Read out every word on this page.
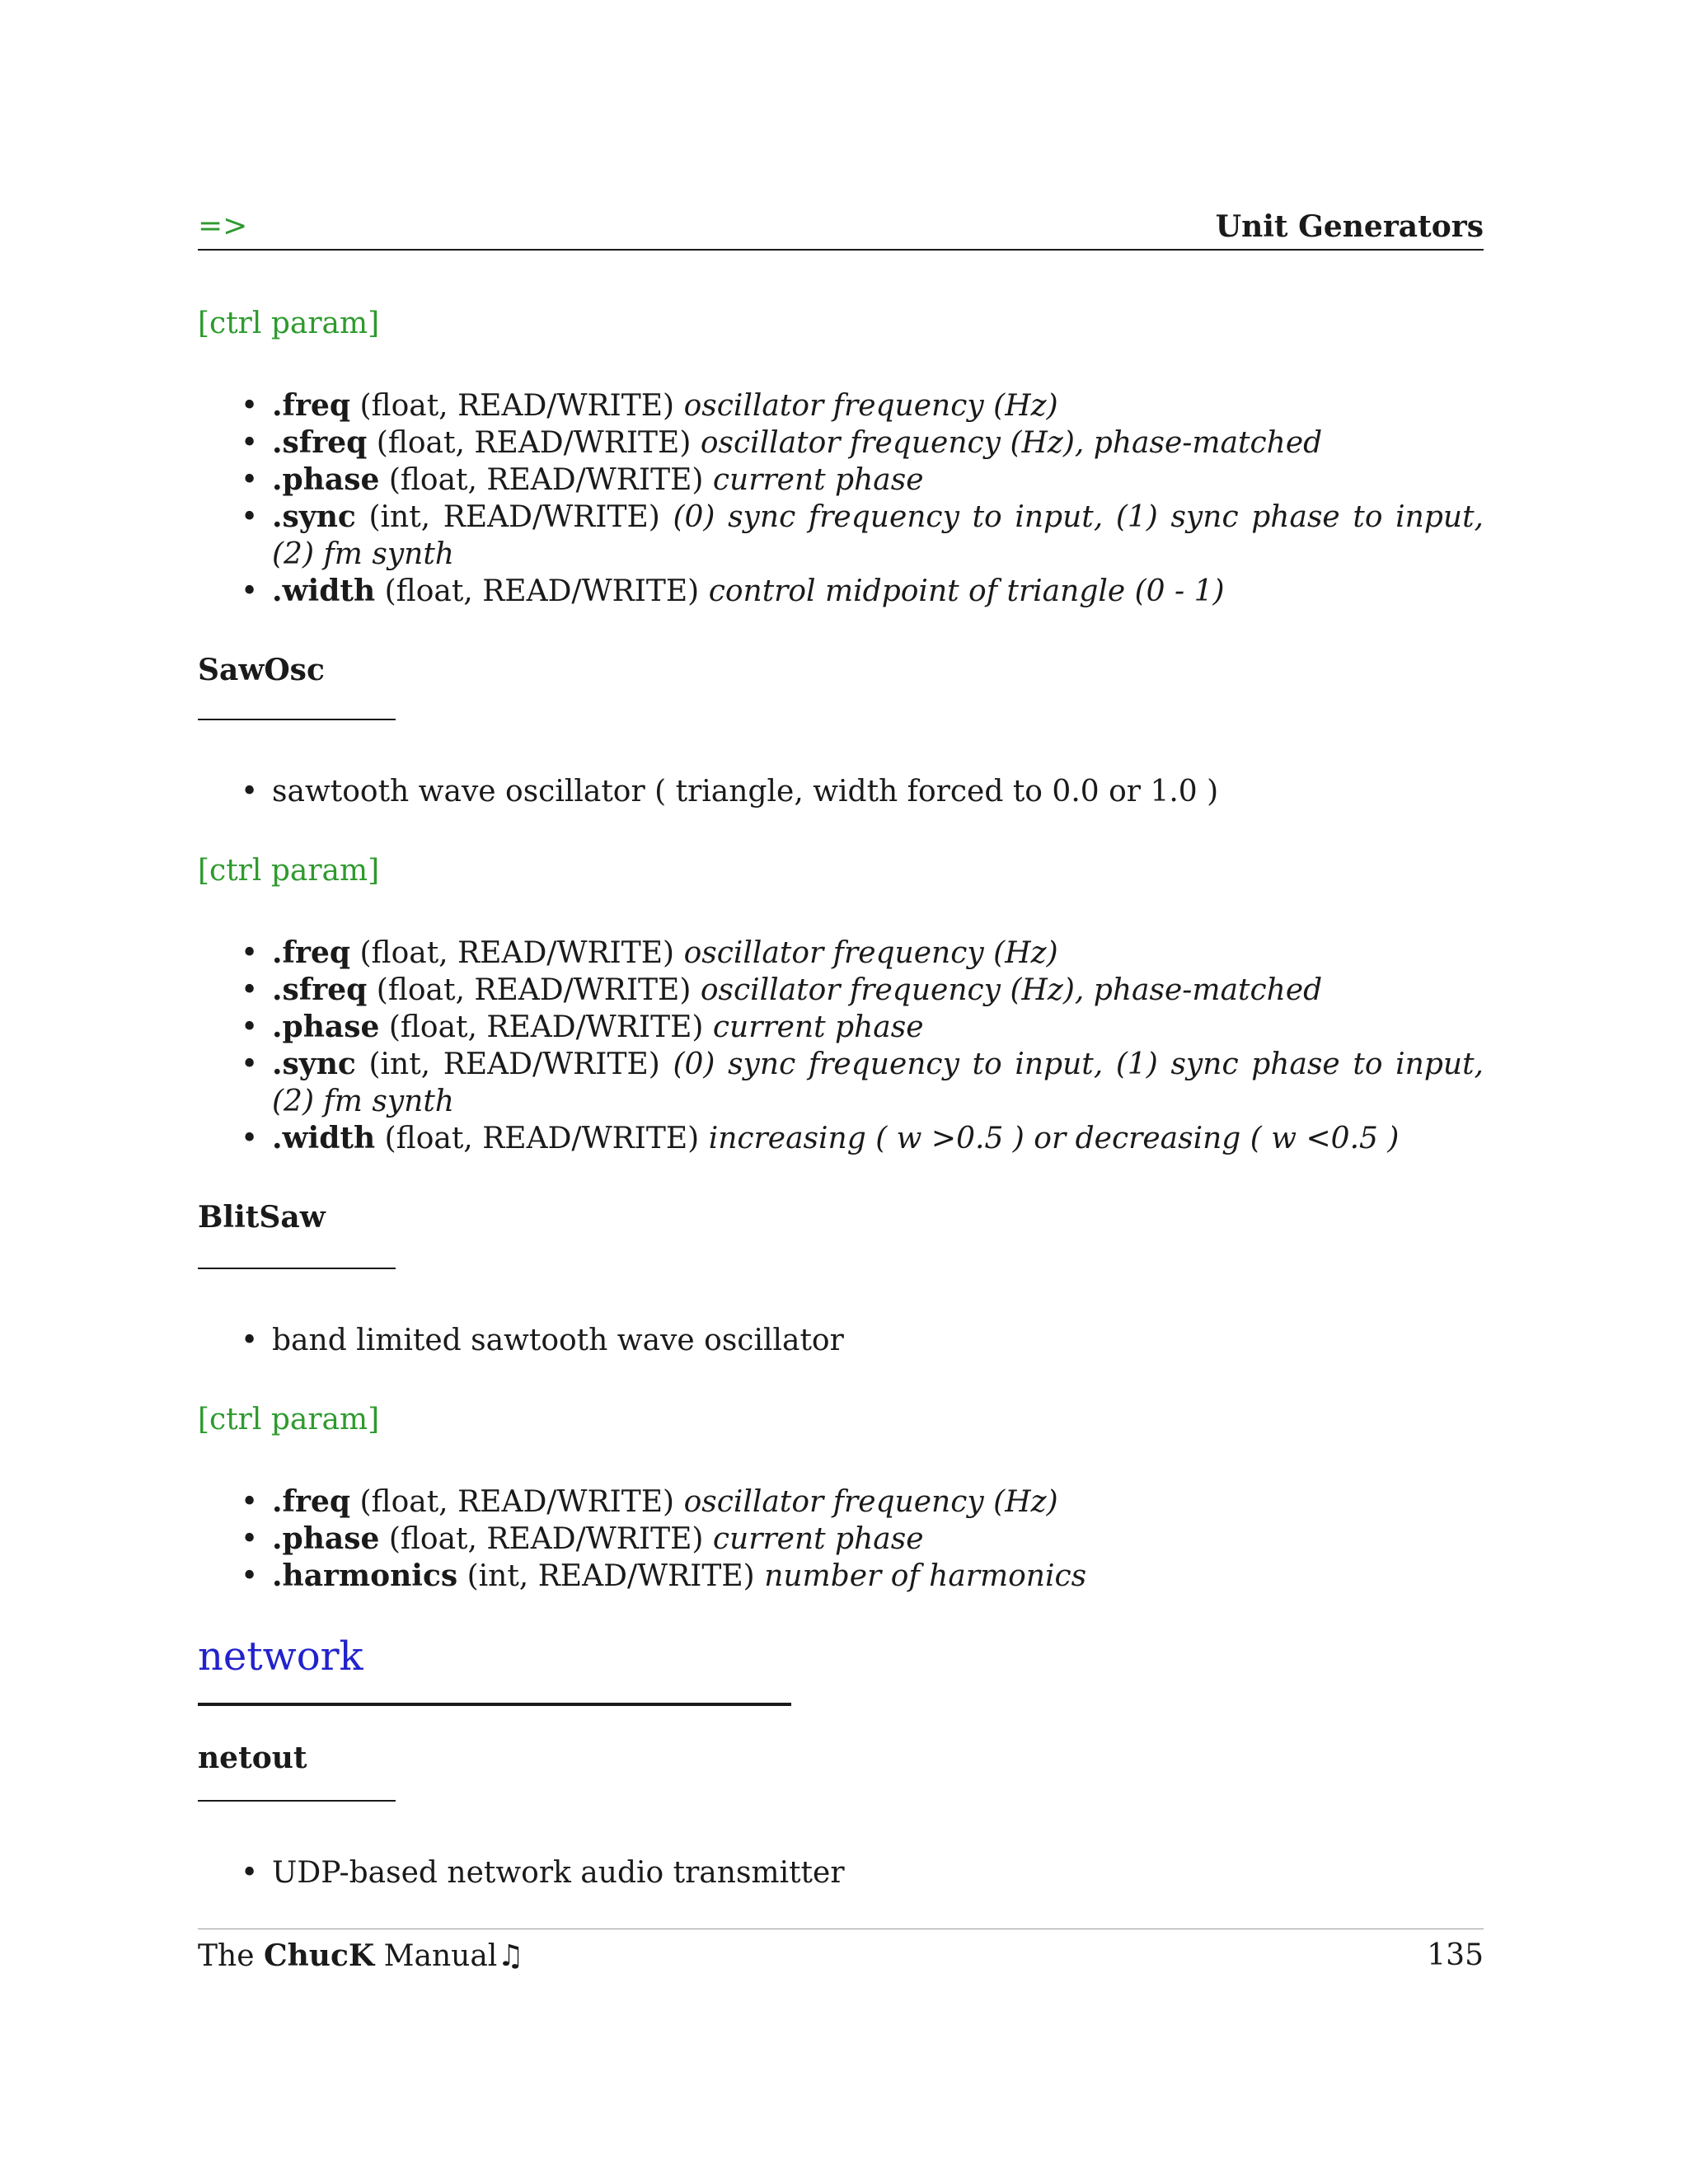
=>	Unit Generators
[ctrl param]
• .freq (float, READ/WRITE) oscillator frequency (Hz)
• .sfreq (float, READ/WRITE) oscillator frequency (Hz), phase-matched
• .phase (float, READ/WRITE) current phase
• .sync (int, READ/WRITE) (0) sync frequency to input, (1) sync phase to input, (2) fm synth
• .width (float, READ/WRITE) control midpoint of triangle (0 - 1)
SawOsc
• sawtooth wave oscillator ( triangle, width forced to 0.0 or 1.0 )
[ctrl param]
• .freq (float, READ/WRITE) oscillator frequency (Hz)
• .sfreq (float, READ/WRITE) oscillator frequency (Hz), phase-matched
• .phase (float, READ/WRITE) current phase
• .sync (int, READ/WRITE) (0) sync frequency to input, (1) sync phase to input, (2) fm synth
• .width (float, READ/WRITE) increasing ( w >0.5 ) or decreasing ( w <0.5 )
BlitSaw
• band limited sawtooth wave oscillator
[ctrl param]
• .freq (float, READ/WRITE) oscillator frequency (Hz)
• .phase (float, READ/WRITE) current phase
• .harmonics (int, READ/WRITE) number of harmonics
network
netout
• UDP-based network audio transmitter
The ChucK Manual♫	135
